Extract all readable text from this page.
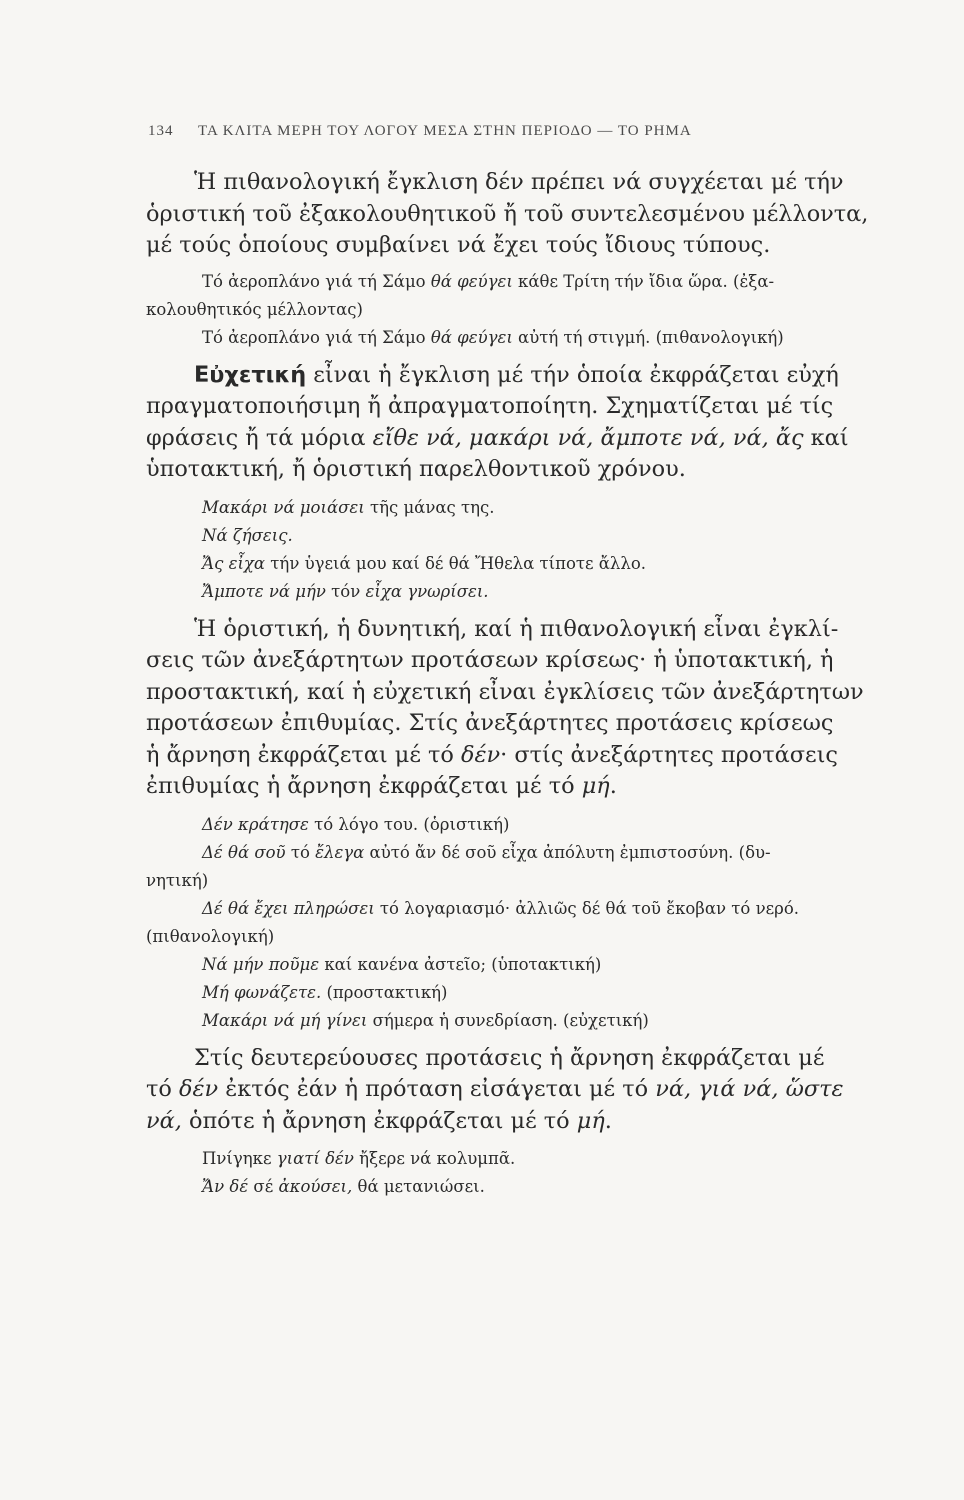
134 ΤΑ ΚΛΙΤΑ ΜΕΡΗ ΤΟΥ ΛΟΓΟΥ ΜΕΣΑ ΣΤΗΝ ΠΕΡΙΟΔΟ — ΤΟ ΡΗΜΑ
Ἡ πιθανολογική ἔγκλιση δέν πρέπει νά συγχέεται μέ τήν
ὁριστική τοῦ ἐξακολουθητικοῦ ἤ τοῦ συντελεσμένου μέλλοντα,
μέ τούς ὁποίους συμβαίνει νά ἔχει τούς ἴδιους τύπους.
Τό ἀεροπλάνο γιά τή Σάμο θά φεύγει κάθε Τρίτη τήν ἴδια ὥρα. (ἐξα-
κολουθητικός μέλλοντας)
Τό ἀεροπλάνο γιά τή Σάμο θά φεύγει αὐτή τή στιγμή. (πιθανολογική)
Εὐχετική εἶναι ἡ ἔγκλιση μέ τήν ὁποία ἐκφράζεται εὐχή
πραγματοποιήσιμη ἤ ἀπραγματοποίητη. Σχηματίζεται μέ τίς
φράσεις ἤ τά μόρια εἴθε νά, μακάρι νά, ἄμποτε νά, νά, ἄς καί
ὑποτακτική, ἤ ὁριστική παρελθοντικοῦ χρόνου.
Μακάρι νά μοιάσει τῆς μάνας της.
Νά ζήσεις.
Ἄς εἶχα τήν ὑγειά μου καί δέ θά Ἤθελα τίποτε ἄλλο.
Ἄμποτε νά μήν τόν εἶχα γνωρίσει.
Ἡ ὁριστική, ἡ δυνητική, καί ἡ πιθανολογική εἶναι ἐγκλί-
σεις τῶν ἀνεξάρτητων προτάσεων κρίσεως· ἡ ὑποτακτική, ἡ
προστακτική, καί ἡ εὐχετική εἶναι ἐγκλίσεις τῶν ἀνεξάρτητων
προτάσεων ἐπιθυμίας. Στίς ἀνεξάρτητες προτάσεις κρίσεως
ἡ ἄρνηση ἐκφράζεται μέ τό δέν· στίς ἀνεξάρτητες προτάσεις
ἐπιθυμίας ἡ ἄρνηση ἐκφράζεται μέ τό μή.
Δέν κράτησε τό λόγο του. (ὁριστική)
Δέ θά σοῦ τό ἔλεγα αὐτό ἄν δέ σοῦ εἶχα ἀπόλυτη ἐμπιστοσύνη. (δυ-
νητική)
Δέ θά ἔχει πληρώσει τό λογαριασμό· ἀλλιῶς δέ θά τοῦ ἔκοβαν τό νερό.
(πιθανολογική)
Νά μήν ποῦμε καί κανένα ἀστεῖο; (ὑποτακτική)
Μή φωνάζετε. (προστακτική)
Μακάρι νά μή γίνει σήμερα ἡ συνεδρίαση. (εὐχετική)
Στίς δευτερεύουσες προτάσεις ἡ ἄρνηση ἐκφράζεται μέ
τό δέν ἐκτός ἐάν ἡ πρόταση εἰσάγεται μέ τό νά, γιά νά, ὥστε
νά, ὁπότε ἡ ἄρνηση ἐκφράζεται μέ τό μή.
Πνίγηκε γιατί δέν ἤξερε νά κολυμπᾶ.
Ἄν δέ σέ ἀκούσει, θά μετανιώσει.
